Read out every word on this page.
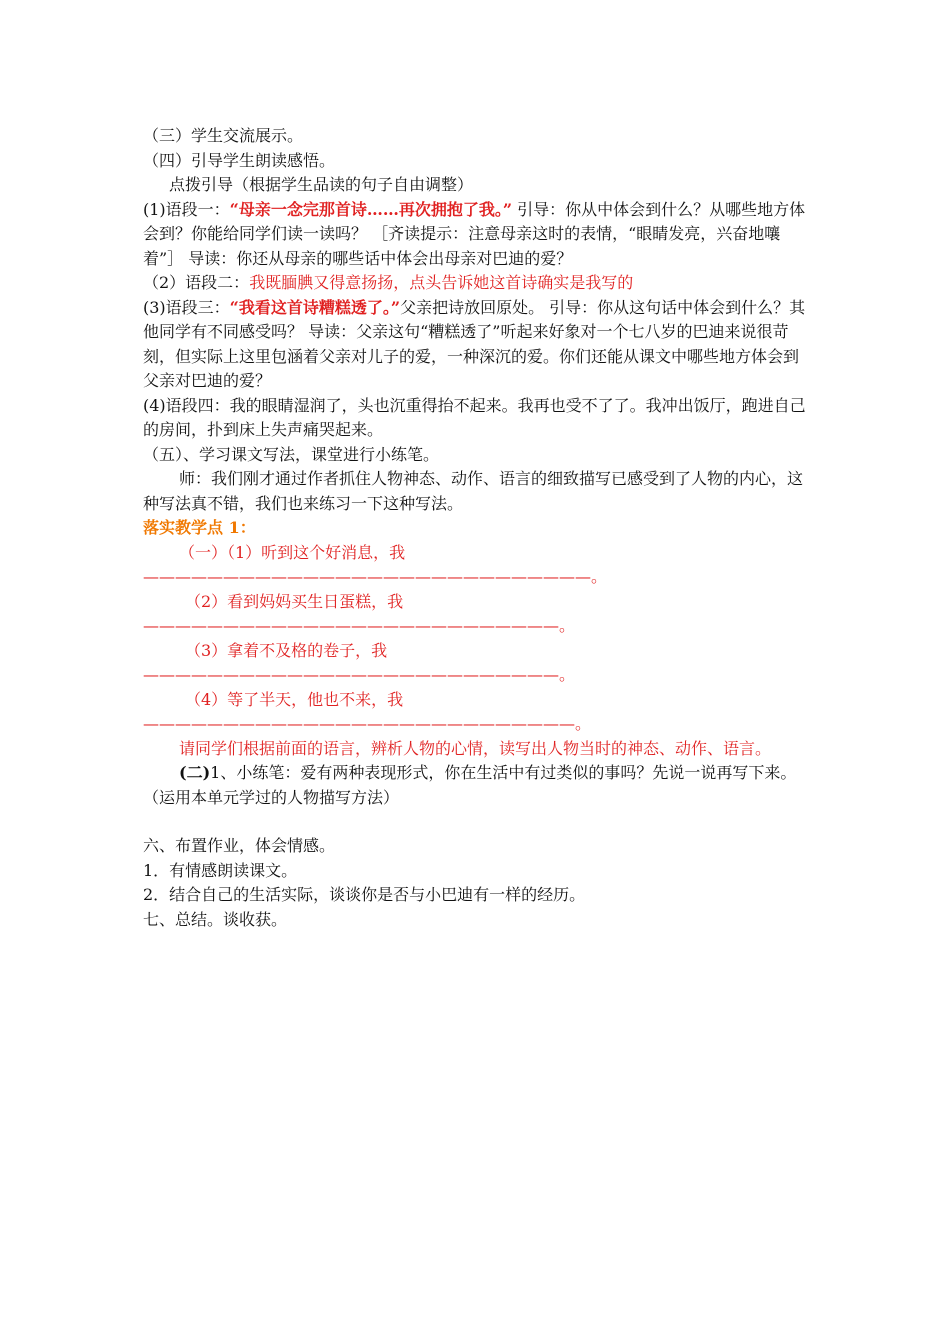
（三）学生交流展示。

（四）引导学生朗读感悟。

点拨引导（根据学生品读的句子自由调整）

(1)语段一：“母亲一念完那首诗……再次拥抱了我。” 引导：你从中体会到什么？从哪些地方体会到？你能给同学们读一读吗？ ［齐读提示：注意母亲这时的表情，“眼睛发亮，兴奋地嚷着”］ 导读：你还从母亲的哪些话中体会出母亲对巴迪的爱？

（2）语段二：我既腼腆又得意扬扬，点头告诉她这首诗确实是我写的

(3)语段三：“我看这首诗糟糕透了。”父亲把诗放回原处。 引导：你从这句话中体会到什么？其他同学有不同感受吗？ 导读：父亲这句“糟糕透了”听起来好象对一个七八岁的巴迪来说很苛刻，但实际上这里包涵着父亲对儿子的爱，一种深沉的爱。你们还能从课文中哪些地方体会到父亲对巴迪的爱？

(4)语段四：我的眼睛湿润了，头也沉重得抬不起来。我再也受不了了。我冲出饭厅，跑进自己的房间，扑到床上失声痛哭起来。

（五）、学习课文写法，课堂进行小练笔。

师：我们刚才通过作者抓住人物神态、动作、语言的细致描写已感受到了人物的内心，这种写法真不错，我们也来练习一下这种写法。

落实教学点 1：

（一）（1）听到这个好消息，我————————————————————————————。

（2）看到妈妈买生日蛋糕，我——————————————————————————。

（3）拿着不及格的卷子，我——————————————————————————。

（4）等了半天，他也不来，我———————————————————————————。

请同学们根据前面的语言，辨析人物的心情，读写出人物当时的神态、动作、语言。

(二)1、小练笔：爱有两种表现形式，你在生活中有过类似的事吗？先说一说再写下来。（运用本单元学过的人物描写方法）

六、布置作业，体会情感。

1．有情感朗读课文。

2．结合自己的生活实际，谈谈你是否与小巴迪有一样的经历。

七、总结。谈收获。
